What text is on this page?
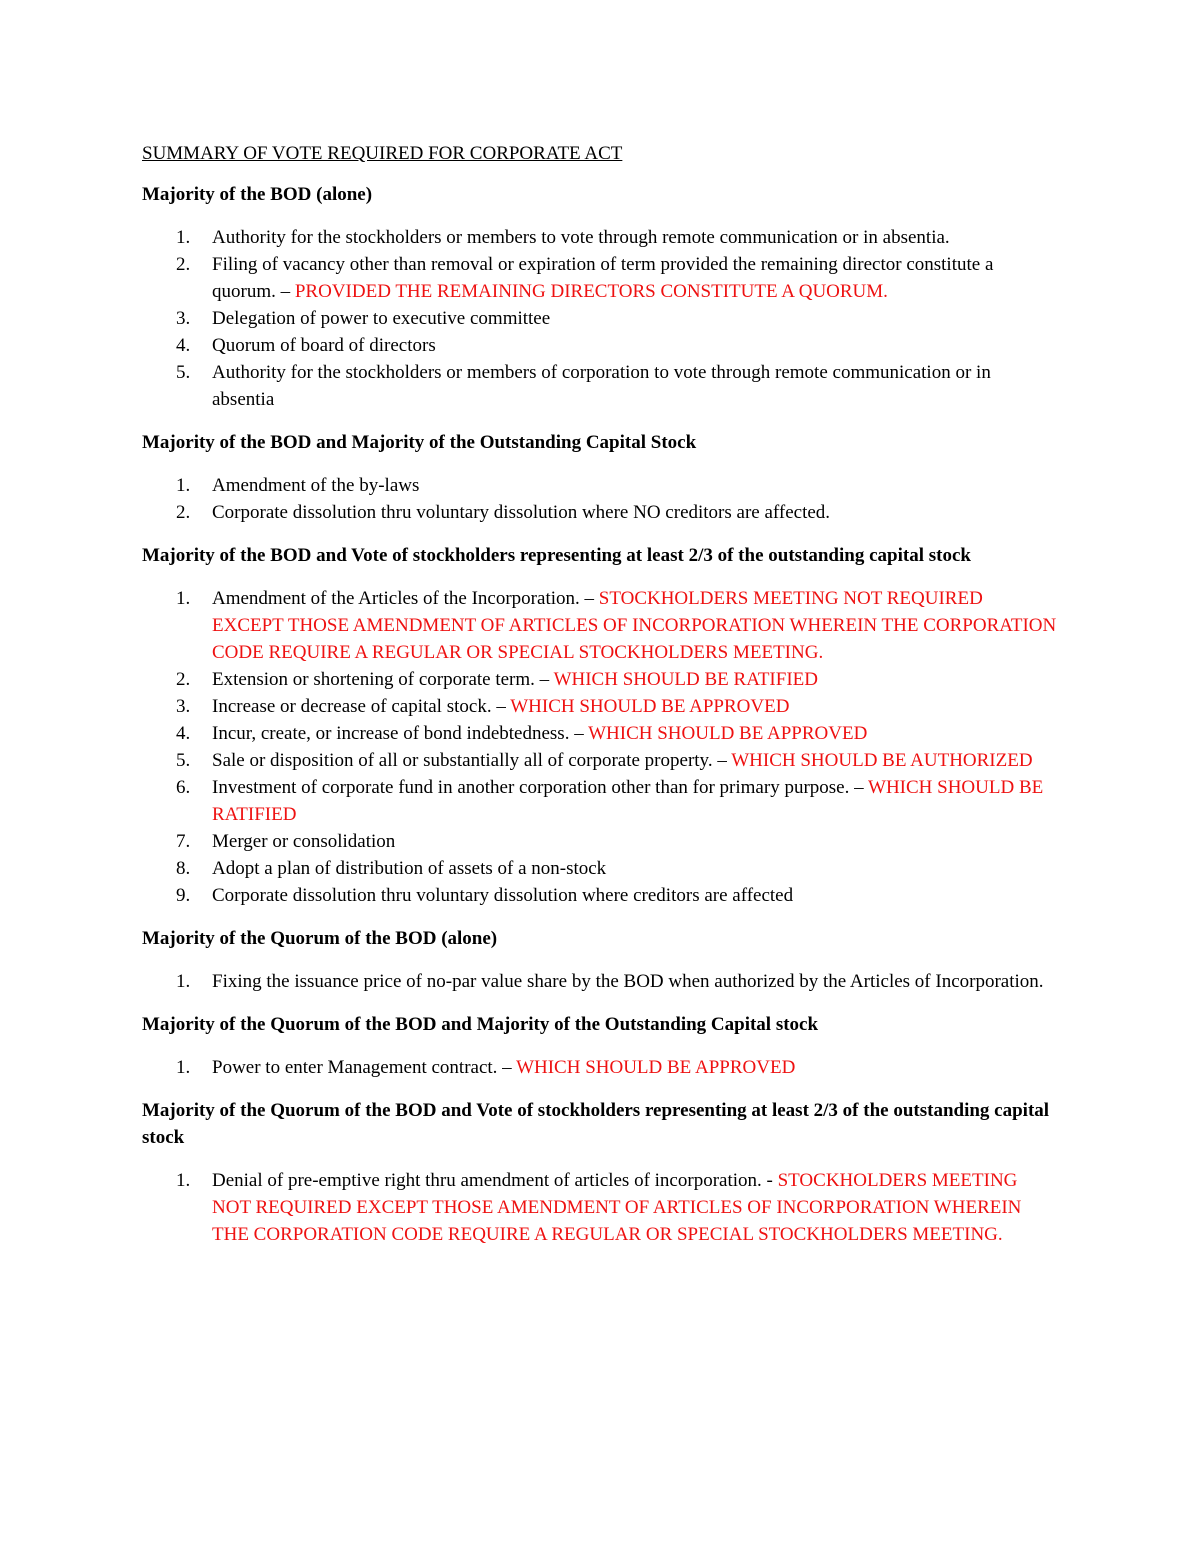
SUMMARY OF VOTE REQUIRED FOR CORPORATE ACT
Majority of the BOD (alone)
1. Authority for the stockholders or members to vote through remote communication or in absentia.
2. Filing of vacancy other than removal or expiration of term provided the remaining director constitute a quorum. – PROVIDED THE REMAINING DIRECTORS CONSTITUTE A QUORUM.
3. Delegation of power to executive committee
4. Quorum of board of directors
5. Authority for the stockholders or members of corporation to vote through remote communication or in absentia
Majority of the BOD and Majority of the Outstanding Capital Stock
1. Amendment of the by-laws
2. Corporate dissolution thru voluntary dissolution where NO creditors are affected.
Majority of the BOD and Vote of stockholders representing at least 2/3 of the outstanding capital stock
1. Amendment of the Articles of the Incorporation. – STOCKHOLDERS MEETING NOT REQUIRED EXCEPT THOSE AMENDMENT OF ARTICLES OF INCORPORATION WHEREIN THE CORPORATION CODE REQUIRE A REGULAR OR SPECIAL STOCKHOLDERS MEETING.
2. Extension or shortening of corporate term. – WHICH SHOULD BE RATIFIED
3. Increase or decrease of capital stock. – WHICH SHOULD BE APPROVED
4. Incur, create, or increase of bond indebtedness. – WHICH SHOULD BE APPROVED
5. Sale or disposition of all or substantially all of corporate property. – WHICH SHOULD BE AUTHORIZED
6. Investment of corporate fund in another corporation other than for primary purpose. – WHICH SHOULD BE RATIFIED
7. Merger or consolidation
8. Adopt a plan of distribution of assets of a non-stock
9. Corporate dissolution thru voluntary dissolution where creditors are affected
Majority of the Quorum of the BOD (alone)
1. Fixing the issuance price of no-par value share by the BOD when authorized by the Articles of Incorporation.
Majority of the Quorum of the BOD and Majority of the Outstanding Capital stock
1. Power to enter Management contract. – WHICH SHOULD BE APPROVED
Majority of the Quorum of the BOD and Vote of stockholders representing at least 2/3 of the outstanding capital stock
1. Denial of pre-emptive right thru amendment of articles of incorporation. - STOCKHOLDERS MEETING NOT REQUIRED EXCEPT THOSE AMENDMENT OF ARTICLES OF INCORPORATION WHEREIN THE CORPORATION CODE REQUIRE A REGULAR OR SPECIAL STOCKHOLDERS MEETING.
